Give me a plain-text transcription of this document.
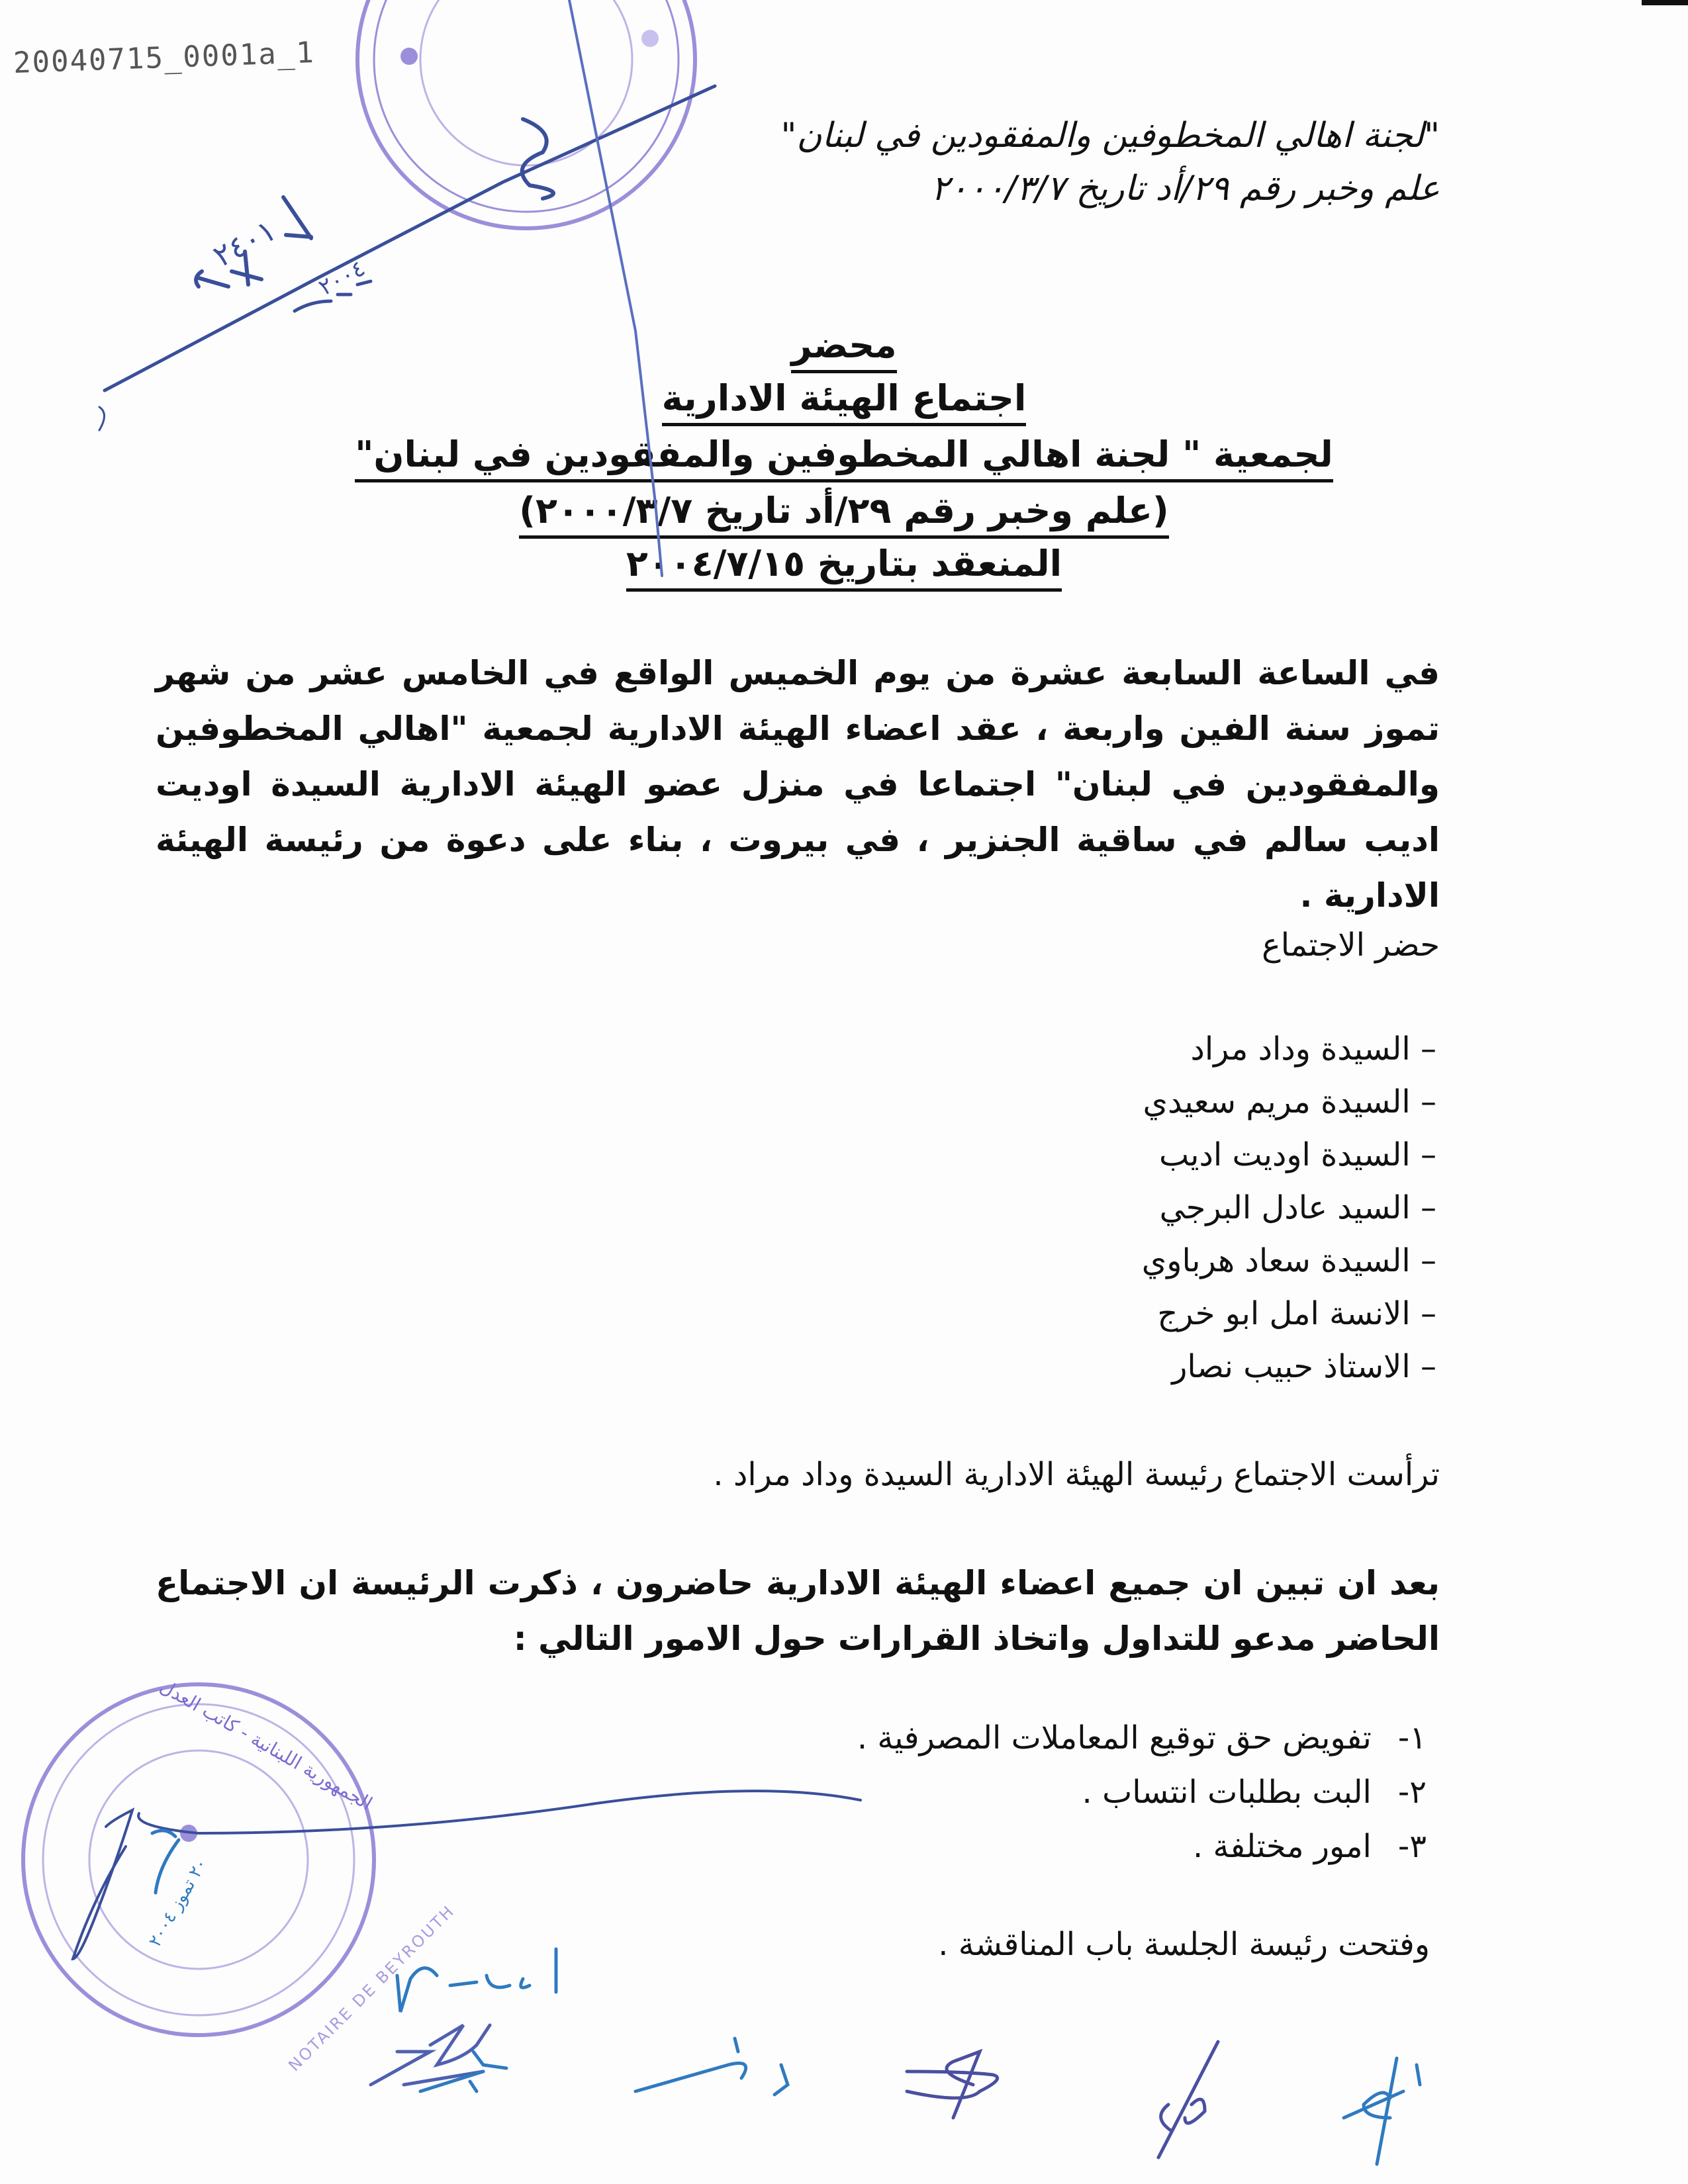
20040715_0001a_1
"لجنة اهالي المخطوفين والمفقودين في لبنان"
علم وخبر رقم ٢٩/أد تاريخ ٢٠٠٠/٣/٧
محضر
اجتماع الهيئة الادارية
لجمعية " لجنة اهالي المخطوفين والمفقودين في لبنان"
(علم وخبر رقم ٢٩/أد تاريخ ٢٠٠٠/٣/٧)
المنعقد بتاريخ ٢٠٠٤/٧/١٥
في الساعة السابعة عشرة من يوم الخميس الواقع في الخامس عشر من شهر تموز سنة الفين واربعة ، عقد اعضاء الهيئة الادارية لجمعية "اهالي المخطوفين والمفقودين في لبنان" اجتماعا في منزل عضو الهيئة الادارية السيدة اوديت اديب سالم في ساقية الجنزير ، في بيروت ، بناء على دعوة من رئيسة الهيئة الادارية .
حضر الاجتماع
– السيدة وداد مراد
– السيدة مريم سعيدي
– السيدة اوديت اديب
– السيد عادل البرجي
– السيدة سعاد هرباوي
– الانسة امل ابو خرج
– الاستاذ حبيب نصار
ترأست الاجتماع رئيسة الهيئة الادارية السيدة وداد مراد .
بعد ان تبين ان جميع اعضاء الهيئة الادارية حاضرون ، ذكرت الرئيسة ان الاجتماع الحاضر مدعو للتداول واتخاذ القرارات حول الامور التالي :
١-تفويض حق توقيع المعاملات المصرفية .
٢-البت بطلبات انتساب .
٣-امور مختلفة .
وفتحت رئيسة الجلسة باب المناقشة .
٢٠ تموز ٢٠٠٤
NOTAIRE DE BEYROUTH
الجمهورية اللبنانية - كاتب العدل
٢٠٠٤
٢٤٠١
